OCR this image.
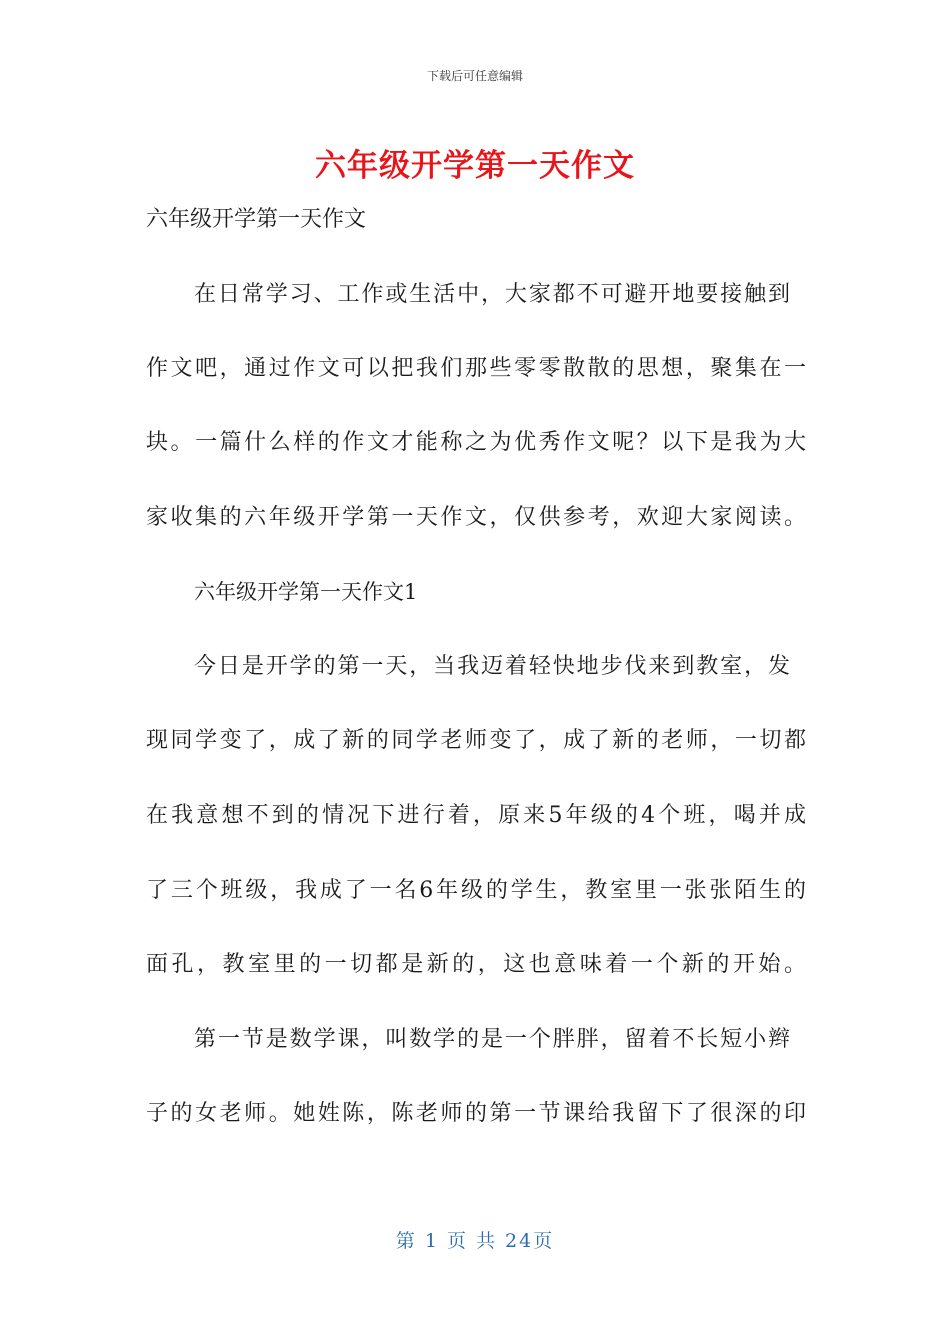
下载后可任意编辑
六年级开学第一天作文
六年级开学第一天作文
在日常学习、工作或生活中，大家都不可避开地要接触到
作文吧，通过作文可以把我们那些零零散散的思想，聚集在一
块。一篇什么样的作文才能称之为优秀作文呢？以下是我为大
家收集的六年级开学第一天作文，仅供参考，欢迎大家阅读。
六年级开学第一天作文1
今日是开学的第一天，当我迈着轻快地步伐来到教室，发
现同学变了，成了新的同学老师变了，成了新的老师，一切都
在我意想不到的情况下进行着，原来5年级的4个班，喝并成
了三个班级，我成了一名6年级的学生，教室里一张张陌生的
面孔，教室里的一切都是新的，这也意味着一个新的开始。
第一节是数学课，叫数学的是一个胖胖，留着不长短小辫
子的女老师。她姓陈，陈老师的第一节课给我留下了很深的印
第 1 页 共 24页
